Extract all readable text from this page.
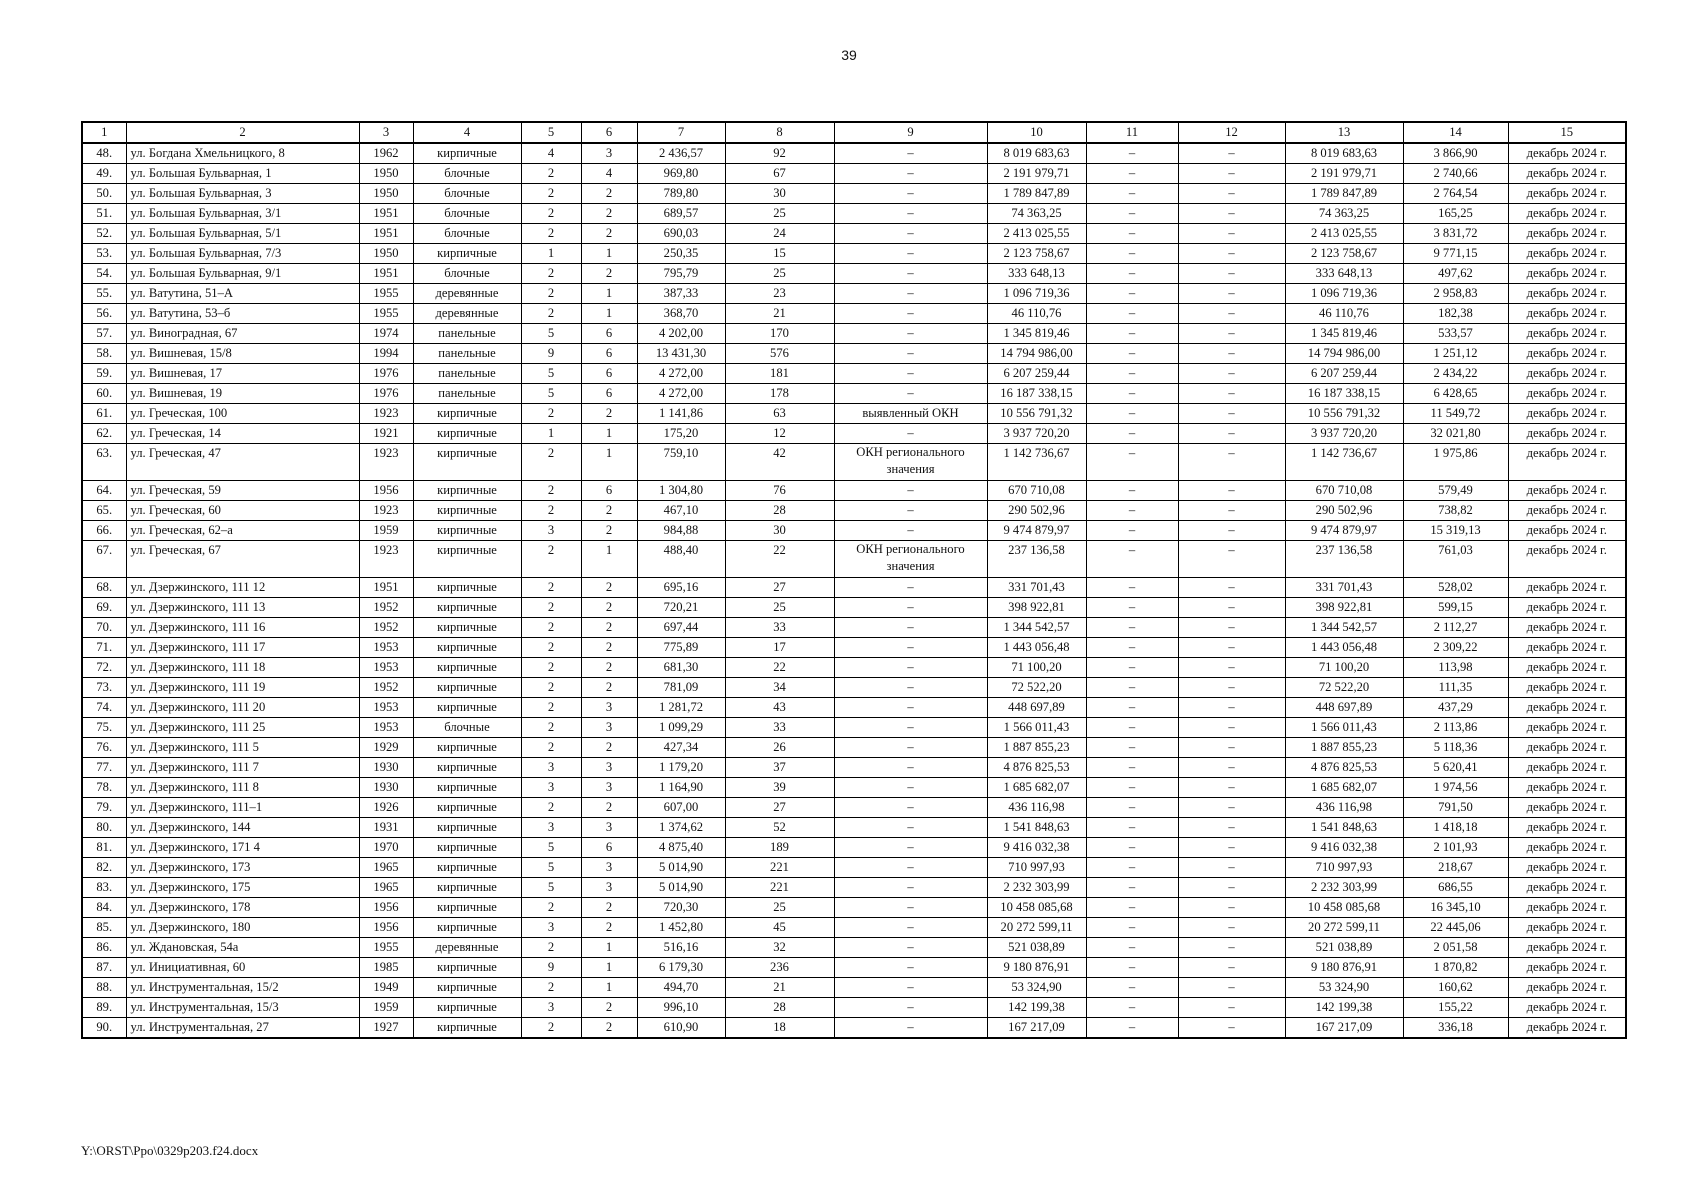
39
1	2	3	4	5	6	7	8	9	10	11	12	13	14	15
48.	ул. Богдана Хмельницкого, 8	1962	кирпичные	4	3	2 436,57	92	–	8 019 683,63	–	–	8 019 683,63	3 866,90	декабрь 2024 г.
49.	ул. Большая Бульварная, 1	1950	блочные	2	4	969,80	67	–	2 191 979,71	–	–	2 191 979,71	2 740,66	декабрь 2024 г.
50.	ул. Большая Бульварная, 3	1950	блочные	2	2	789,80	30	–	1 789 847,89	–	–	1 789 847,89	2 764,54	декабрь 2024 г.
51.	ул. Большая Бульварная, 3/1	1951	блочные	2	2	689,57	25	–	74 363,25	–	–	74 363,25	165,25	декабрь 2024 г.
52.	ул. Большая Бульварная, 5/1	1951	блочные	2	2	690,03	24	–	2 413 025,55	–	–	2 413 025,55	3 831,72	декабрь 2024 г.
53.	ул. Большая Бульварная, 7/3	1950	кирпичные	1	1	250,35	15	–	2 123 758,67	–	–	2 123 758,67	9 771,15	декабрь 2024 г.
54.	ул. Большая Бульварная, 9/1	1951	блочные	2	2	795,79	25	–	333 648,13	–	–	333 648,13	497,62	декабрь 2024 г.
55.	ул. Ватутина, 51–А	1955	деревянные	2	1	387,33	23	–	1 096 719,36	–	–	1 096 719,36	2 958,83	декабрь 2024 г.
56.	ул. Ватутина, 53–б	1955	деревянные	2	1	368,70	21	–	46 110,76	–	–	46 110,76	182,38	декабрь 2024 г.
57.	ул. Виноградная, 67	1974	панельные	5	6	4 202,00	170	–	1 345 819,46	–	–	1 345 819,46	533,57	декабрь 2024 г.
58.	ул. Вишневая, 15/8	1994	панельные	9	6	13 431,30	576	–	14 794 986,00	–	–	14 794 986,00	1 251,12	декабрь 2024 г.
59.	ул. Вишневая, 17	1976	панельные	5	6	4 272,00	181	–	6 207 259,44	–	–	6 207 259,44	2 434,22	декабрь 2024 г.
60.	ул. Вишневая, 19	1976	панельные	5	6	4 272,00	178	–	16 187 338,15	–	–	16 187 338,15	6 428,65	декабрь 2024 г.
61.	ул. Греческая, 100	1923	кирпичные	2	2	1 141,86	63	выявленный ОКН	10 556 791,32	–	–	10 556 791,32	11 549,72	декабрь 2024 г.
62.	ул. Греческая, 14	1921	кирпичные	1	1	175,20	12	–	3 937 720,20	–	–	3 937 720,20	32 021,80	декабрь 2024 г.
63.	ул. Греческая, 47	1923	кирпичные	2	1	759,10	42	ОКН регионального значения	1 142 736,67	–	–	1 142 736,67	1 975,86	декабрь 2024 г.
64.	ул. Греческая, 59	1956	кирпичные	2	6	1 304,80	76	–	670 710,08	–	–	670 710,08	579,49	декабрь 2024 г.
65.	ул. Греческая, 60	1923	кирпичные	2	2	467,10	28	–	290 502,96	–	–	290 502,96	738,82	декабрь 2024 г.
66.	ул. Греческая, 62–а	1959	кирпичные	3	2	984,88	30	–	9 474 879,97	–	–	9 474 879,97	15 319,13	декабрь 2024 г.
67.	ул. Греческая, 67	1923	кирпичные	2	1	488,40	22	ОКН регионального значения	237 136,58	–	–	237 136,58	761,03	декабрь 2024 г.
68.	ул. Дзержинского, 111 12	1951	кирпичные	2	2	695,16	27	–	331 701,43	–	–	331 701,43	528,02	декабрь 2024 г.
69.	ул. Дзержинского, 111 13	1952	кирпичные	2	2	720,21	25	–	398 922,81	–	–	398 922,81	599,15	декабрь 2024 г.
70.	ул. Дзержинского, 111 16	1952	кирпичные	2	2	697,44	33	–	1 344 542,57	–	–	1 344 542,57	2 112,27	декабрь 2024 г.
71.	ул. Дзержинского, 111 17	1953	кирпичные	2	2	775,89	17	–	1 443 056,48	–	–	1 443 056,48	2 309,22	декабрь 2024 г.
72.	ул. Дзержинского, 111 18	1953	кирпичные	2	2	681,30	22	–	71 100,20	–	–	71 100,20	113,98	декабрь 2024 г.
73.	ул. Дзержинского, 111 19	1952	кирпичные	2	2	781,09	34	–	72 522,20	–	–	72 522,20	111,35	декабрь 2024 г.
74.	ул. Дзержинского, 111 20	1953	кирпичные	2	3	1 281,72	43	–	448 697,89	–	–	448 697,89	437,29	декабрь 2024 г.
75.	ул. Дзержинского, 111 25	1953	блочные	2	3	1 099,29	33	–	1 566 011,43	–	–	1 566 011,43	2 113,86	декабрь 2024 г.
76.	ул. Дзержинского, 111 5	1929	кирпичные	2	2	427,34	26	–	1 887 855,23	–	–	1 887 855,23	5 118,36	декабрь 2024 г.
77.	ул. Дзержинского, 111 7	1930	кирпичные	3	3	1 179,20	37	–	4 876 825,53	–	–	4 876 825,53	5 620,41	декабрь 2024 г.
78.	ул. Дзержинского, 111 8	1930	кирпичные	3	3	1 164,90	39	–	1 685 682,07	–	–	1 685 682,07	1 974,56	декабрь 2024 г.
79.	ул. Дзержинского, 111–1	1926	кирпичные	2	2	607,00	27	–	436 116,98	–	–	436 116,98	791,50	декабрь 2024 г.
80.	ул. Дзержинского, 144	1931	кирпичные	3	3	1 374,62	52	–	1 541 848,63	–	–	1 541 848,63	1 418,18	декабрь 2024 г.
81.	ул. Дзержинского, 171 4	1970	кирпичные	5	6	4 875,40	189	–	9 416 032,38	–	–	9 416 032,38	2 101,93	декабрь 2024 г.
82.	ул. Дзержинского, 173	1965	кирпичные	5	3	5 014,90	221	–	710 997,93	–	–	710 997,93	218,67	декабрь 2024 г.
83.	ул. Дзержинского, 175	1965	кирпичные	5	3	5 014,90	221	–	2 232 303,99	–	–	2 232 303,99	686,55	декабрь 2024 г.
84.	ул. Дзержинского, 178	1956	кирпичные	2	2	720,30	25	–	10 458 085,68	–	–	10 458 085,68	16 345,10	декабрь 2024 г.
85.	ул. Дзержинского, 180	1956	кирпичные	3	2	1 452,80	45	–	20 272 599,11	–	–	20 272 599,11	22 445,06	декабрь 2024 г.
86.	ул. Ждановская, 54а	1955	деревянные	2	1	516,16	32	–	521 038,89	–	–	521 038,89	2 051,58	декабрь 2024 г.
87.	ул. Инициативная, 60	1985	кирпичные	9	1	6 179,30	236	–	9 180 876,91	–	–	9 180 876,91	1 870,82	декабрь 2024 г.
88.	ул. Инструментальная, 15/2	1949	кирпичные	2	1	494,70	21	–	53 324,90	–	–	53 324,90	160,62	декабрь 2024 г.
89.	ул. Инструментальная, 15/3	1959	кирпичные	3	2	996,10	28	–	142 199,38	–	–	142 199,38	155,22	декабрь 2024 г.
90.	ул. Инструментальная, 27	1927	кирпичные	2	2	610,90	18	–	167 217,09	–	–	167 217,09	336,18	декабрь 2024 г.
Y:\ORST\Ppo\0329p203.f24.docx
